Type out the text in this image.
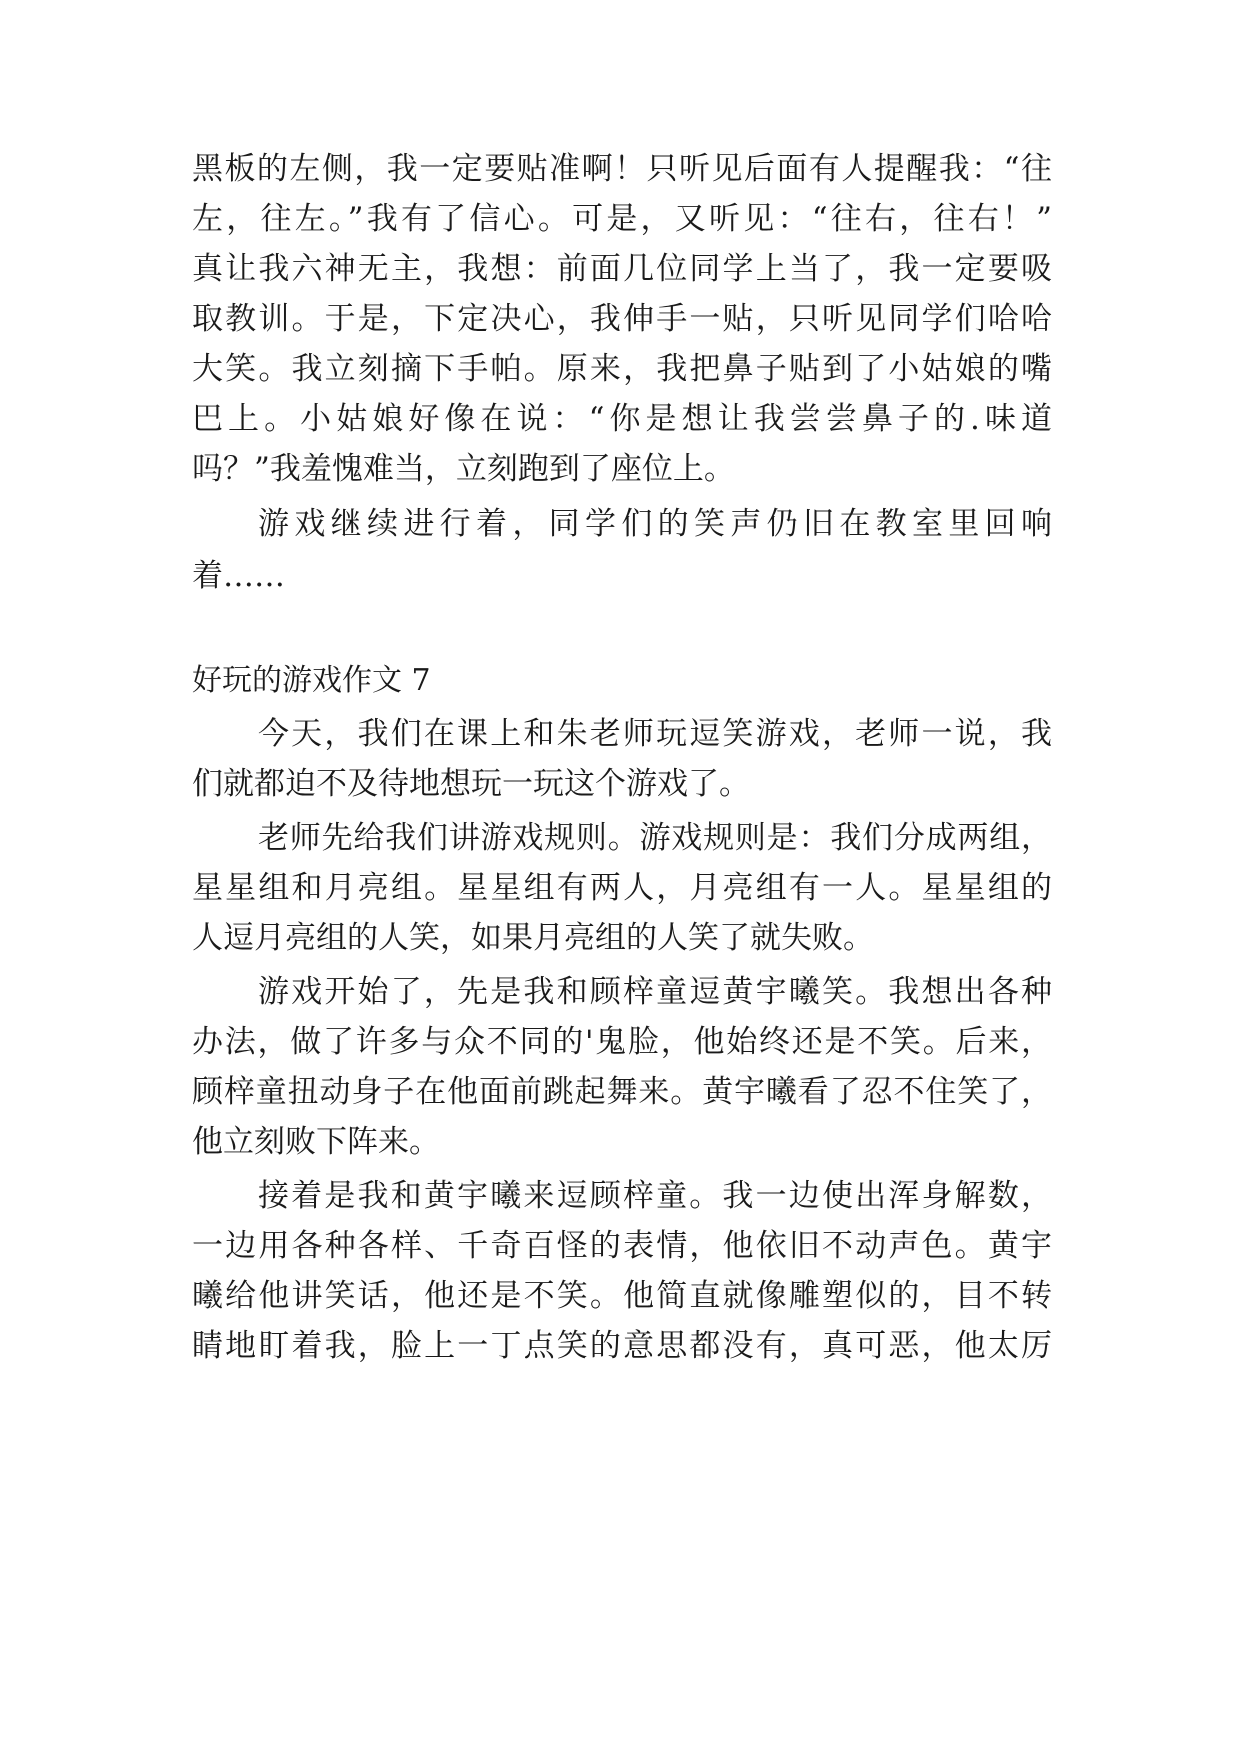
黑板的左侧，我一定要贴准啊！只听见后面有人提醒我：“往
左，往左。”我有了信心。可是，又听见：“往右，往右！”
真让我六神无主，我想：前面几位同学上当了，我一定要吸
取教训。于是，下定决心，我伸手一贴，只听见同学们哈哈
大笑。我立刻摘下手帕。原来，我把鼻子贴到了小姑娘的嘴
巴上。小姑娘好像在说：“你是想让我尝尝鼻子的.味道
吗？”我羞愧难当，立刻跑到了座位上。
游戏继续进行着，同学们的笑声仍旧在教室里回响
着……
好玩的游戏作文 7
今天，我们在课上和朱老师玩逗笑游戏，老师一说，我
们就都迫不及待地想玩一玩这个游戏了。
老师先给我们讲游戏规则。游戏规则是：我们分成两组，
星星组和月亮组。星星组有两人，月亮组有一人。星星组的
人逗月亮组的人笑，如果月亮组的人笑了就失败。
游戏开始了，先是我和顾梓童逗黄宇曦笑。我想出各种
办法，做了许多与众不同的'鬼脸，他始终还是不笑。后来，
顾梓童扭动身子在他面前跳起舞来。黄宇曦看了忍不住笑了，
他立刻败下阵来。
接着是我和黄宇曦来逗顾梓童。我一边使出浑身解数，
一边用各种各样、千奇百怪的表情，他依旧不动声色。黄宇
曦给他讲笑话，他还是不笑。他简直就像雕塑似的，目不转
睛地盯着我，脸上一丁点笑的意思都没有，真可恶，他太厉
